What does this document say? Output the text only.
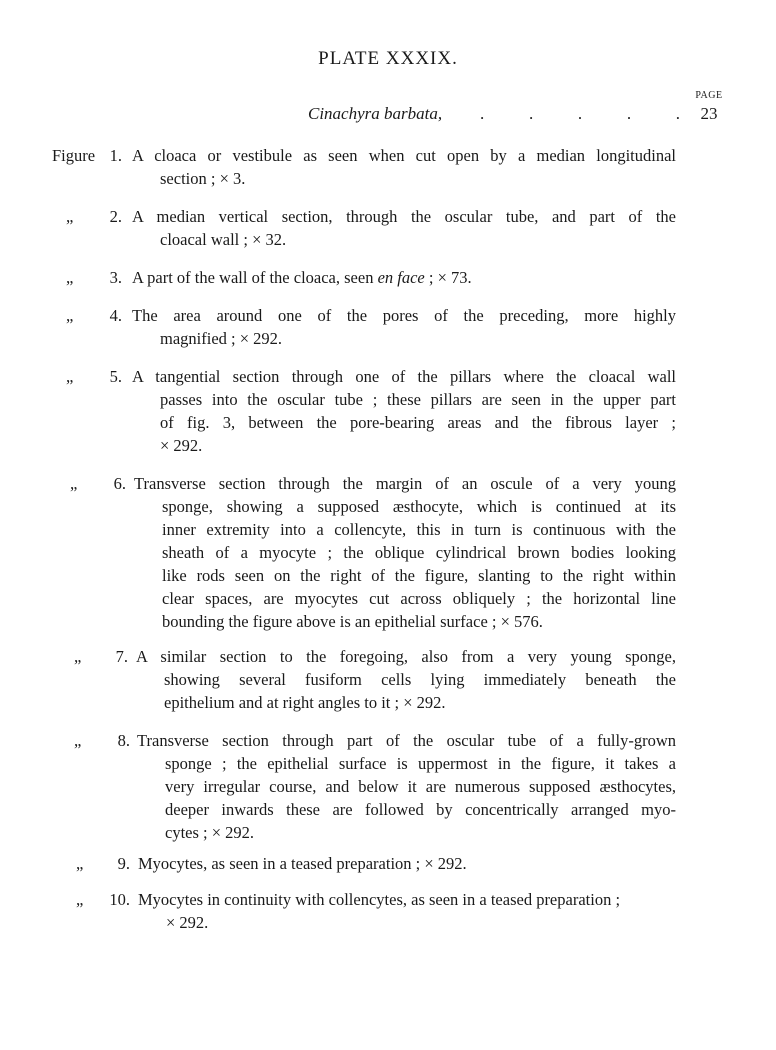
PLATE XXXIX.
PAGE
Cinachyra barbata, .	.	.	.	.	23
Figure 1. A cloaca or vestibule as seen when cut open by a median longitudinal
section ; × 3.
„	2. A median vertical section, through the oscular tube, and part of the
cloacal wall ; × 32.
„	3. A part of the wall of the cloaca, seen en face ; × 73.
„	4. The area around one of the pores of the preceding, more highly
magnified ; × 292.
„	5. A tangential section through one of the pillars where the cloacal wall
passes into the oscular tube ; these pillars are seen in the upper part
of fig. 3, between the pore-bearing areas and the fibrous layer ;
× 292.
„	6. Transverse section through the margin of an oscule of a very young
sponge, showing a supposed æsthocyte, which is continued at its
inner extremity into a collencyte, this in turn is continuous with the
sheath of a myocyte ; the oblique cylindrical brown bodies looking
like rods seen on the right of the figure, slanting to the right within
clear spaces, are myocytes cut across obliquely ; the horizontal line
bounding the figure above is an epithelial surface ; × 576.
„	7. A similar section to the foregoing, also from a very young sponge,
showing several fusiform cells lying immediately beneath the
epithelium and at right angles to it ; × 292.
„	8. Transverse section through part of the oscular tube of a fully-grown
sponge ; the epithelial surface is uppermost in the figure, it takes a
very irregular course, and below it are numerous supposed æsthocytes,
deeper inwards these are followed by concentrically arranged myo-
cytes ; × 292.
„	9. Myocytes, as seen in a teased preparation ; × 292.
„	10. Myocytes in continuity with collencytes, as seen in a teased preparation ;
× 292.
